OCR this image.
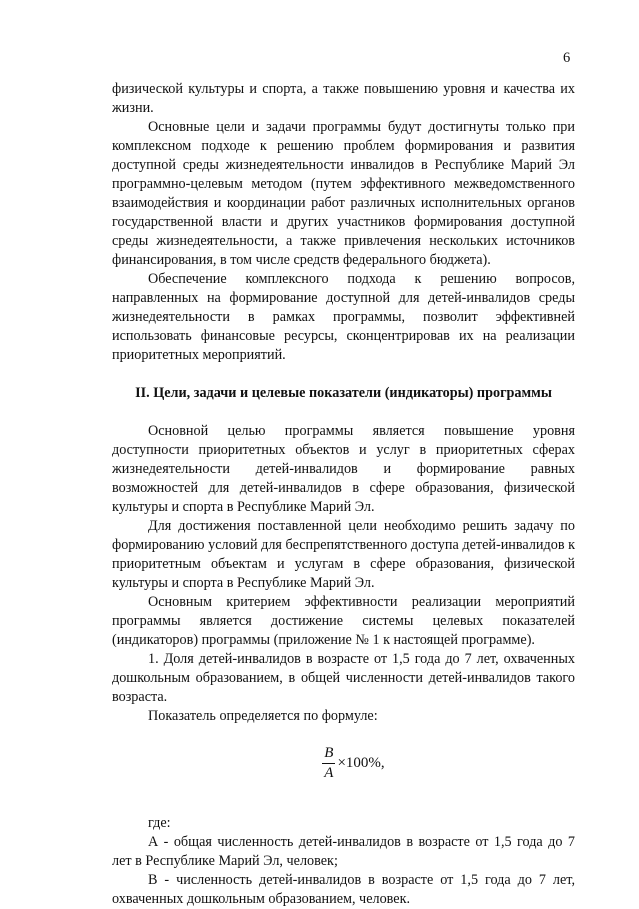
6

физической культуры и спорта, а также повышению уровня и качества их жизни.

Основные цели и задачи программы будут достигнуты только при комплексном подходе к решению проблем формирования и развития доступной среды жизнедеятельности инвалидов в Республике Марий Эл программно-целевым методом (путем эффективного межведомственного взаимодействия и координации работ различных исполнительных органов государственной власти и других участников формирования доступной среды жизнедеятельности, а также привлечения нескольких источников финансирования, в том числе средств федерального бюджета).

Обеспечение комплексного подхода к решению вопросов, направленных на формирование доступной для детей-инвалидов среды жизнедеятельности в рамках программы, позволит эффективней использовать финансовые ресурсы, сконцентрировав их на реализации приоритетных мероприятий.

II. Цели, задачи и целевые показатели (индикаторы) программы

Основной целью программы является повышение уровня доступности приоритетных объектов и услуг в приоритетных сферах жизнедеятельности детей-инвалидов и формирование равных возможностей для детей-инвалидов в сфере образования, физической культуры и спорта в Республике Марий Эл.

Для достижения поставленной цели необходимо решить задачу по формированию условий для беспрепятственного доступа детей-инвалидов к приоритетным объектам и услугам в сфере образования, физической культуры и спорта в Республике Марий Эл.

Основным критерием эффективности реализации мероприятий программы является достижение системы целевых показателей (индикаторов) программы (приложение № 1 к настоящей программе).

1. Доля детей-инвалидов в возрасте от 1,5 года до 7 лет, охваченных дошкольным образованием, в общей численности детей-инвалидов такого возраста.

Показатель определяется по формуле:

$\frac{B}{A} \times 100\%$,

где:

А - общая численность детей-инвалидов в возрасте от 1,5 года до 7 лет в Республике Марий Эл, человек;

В - численность детей-инвалидов в возрасте от 1,5 года до 7 лет, охваченных дошкольным образованием, человек.
